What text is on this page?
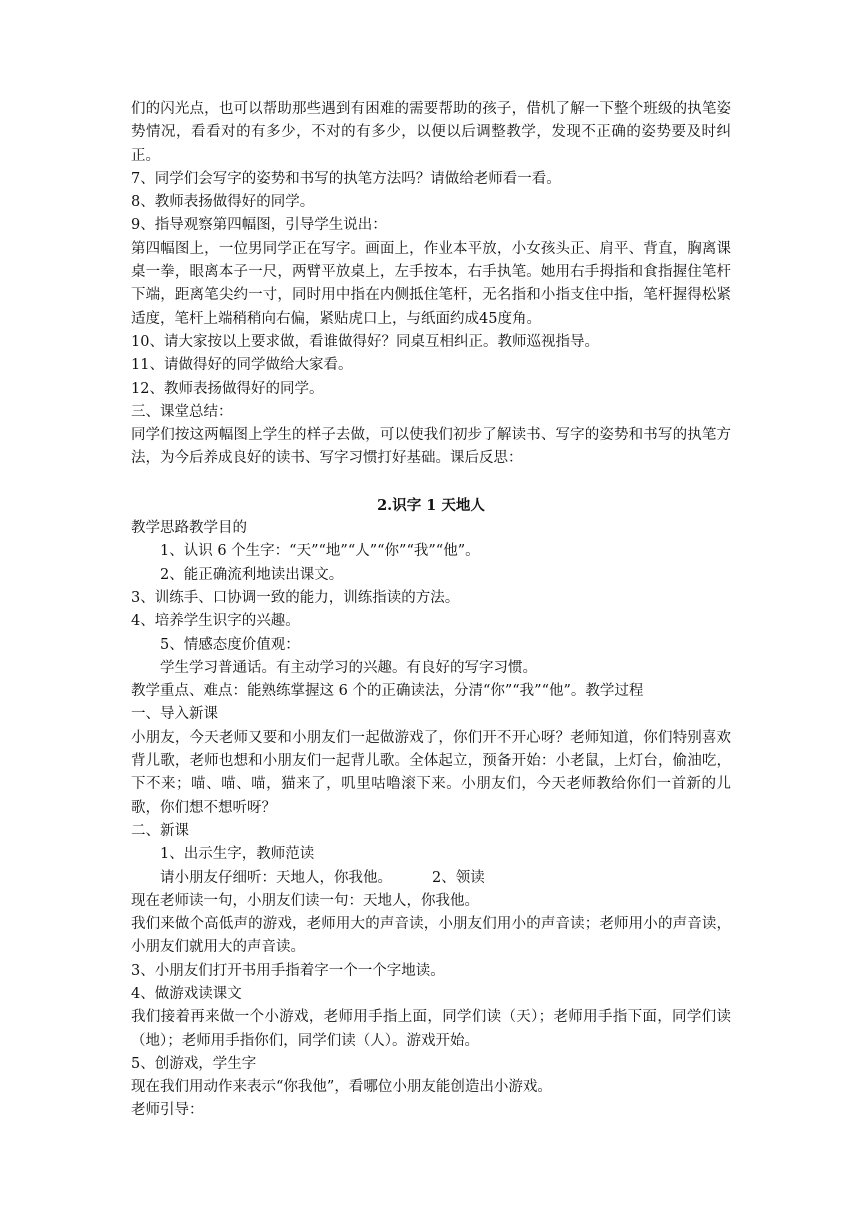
们的闪光点，也可以帮助那些遇到有困难的需要帮助的孩子，借机了解一下整个班级的执笔姿势情况，看看对的有多少，不对的有多少，以便以后调整教学，发现不正确的姿势要及时纠正。

7、同学们会写字的姿势和书写的执笔方法吗？请做给老师看一看。

8、教师表扬做得好的同学。

9、指导观察第四幅图，引导学生说出：

第四幅图上，一位男同学正在写字。画面上，作业本平放，小女孩头正、肩平、背直，胸离课桌一拳，眼离本子一尺，两臂平放桌上，左手按本，右手执笔。她用右手拇指和食指握住笔杆下端，距离笔尖约一寸，同时用中指在内侧抵住笔杆，无名指和小指支住中指，笔杆握得松紧适度，笔杆上端稍稍向右偏，紧贴虎口上，与纸面约成45度角。

10、请大家按以上要求做，看谁做得好？同桌互相纠正。教师巡视指导。

11、请做得好的同学做给大家看。

12、教师表扬做得好的同学。

三、课堂总结：

同学们按这两幅图上学生的样子去做，可以使我们初步了解读书、写字的姿势和书写的执笔方法，为今后养成良好的读书、写字习惯打好基础。课后反思：

2.识字 1 天地人

教学思路教学目的

1、认识 6 个生字：“天”“地”“人”“你”“我”“他”。

2、能正确流利地读出课文。

3、训练手、口协调一致的能力，训练指读的方法。

4、培养学生识字的兴趣。

5、情感态度价值观：

学生学习普通话。有主动学习的兴趣。有良好的写字习惯。

教学重点、难点：能熟练掌握这 6 个的正确读法，分清“你”“我”“他”。教学过程

一、导入新课

小朋友，今天老师又要和小朋友们一起做游戏了，你们开不开心呀？老师知道，你们特别喜欢背儿歌，老师也想和小朋友们一起背儿歌。全体起立，预备开始：小老鼠，上灯台，偷油吃，下不来；喵、喵、喵，猫来了，叽里咕噜滚下来。小朋友们，今天老师教给你们一首新的儿歌，你们想不想听呀？

二、新课

1、出示生字，教师范读

请小朋友仔细听：天地人，你我他。	2、领读

现在老师读一句，小朋友们读一句：天地人，你我他。

我们来做个高低声的游戏，老师用大的声音读，小朋友们用小的声音读；老师用小的声音读，小朋友们就用大的声音读。

3、小朋友们打开书用手指着字一个一个字地读。

4、做游戏读课文

我们接着再来做一个小游戏，老师用手指上面，同学们读（天）；老师用手指下面，同学们读（地）；老师用手指你们，同学们读（人）。游戏开始。

5、创游戏，学生字

现在我们用动作来表示“你我他”，看哪位小朋友能创造出小游戏。

老师引导：
